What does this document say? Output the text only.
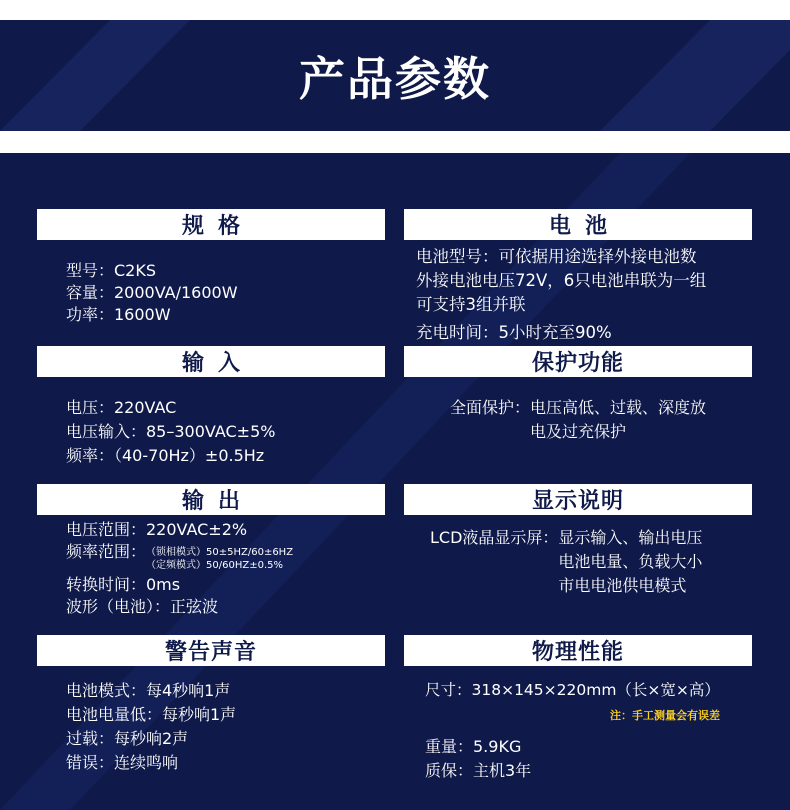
产品参数
规格
型号：C2KS
容量：2000VA/1600W
功率：1600W
电池
电池型号：可依据用途选择外接电池数
外接电池电压72V，6只电池串联为一组
可支持3组并联
充电时间：5小时充至90%
输入
电压：220VAC
电压输入：85–300VAC±5%
频率：（40-70Hz）±0.5Hz
保护功能
全面保护：电压高低、过载、深度放
电及过充保护
输出
电压范围：220VAC±2%
频率范围： （锁相模式）50±5HZ/60±6HZ
（定频模式）50/60HZ±0.5%
转换时间：0ms
波形（电池）：正弦波
显示说明
LCD液晶显示屏： 显示输入、输出电压
电池电量、负载大小
市电电池供电模式
警告声音
电池模式：每4秒响1声
电池电量低：每秒响1声
过载：每秒响2声
错误：连续鸣响
物理性能
尺寸：318×145×220mm（长×宽×高）
注：手工测量会有误差
重量：5.9KG
质保：主机3年
